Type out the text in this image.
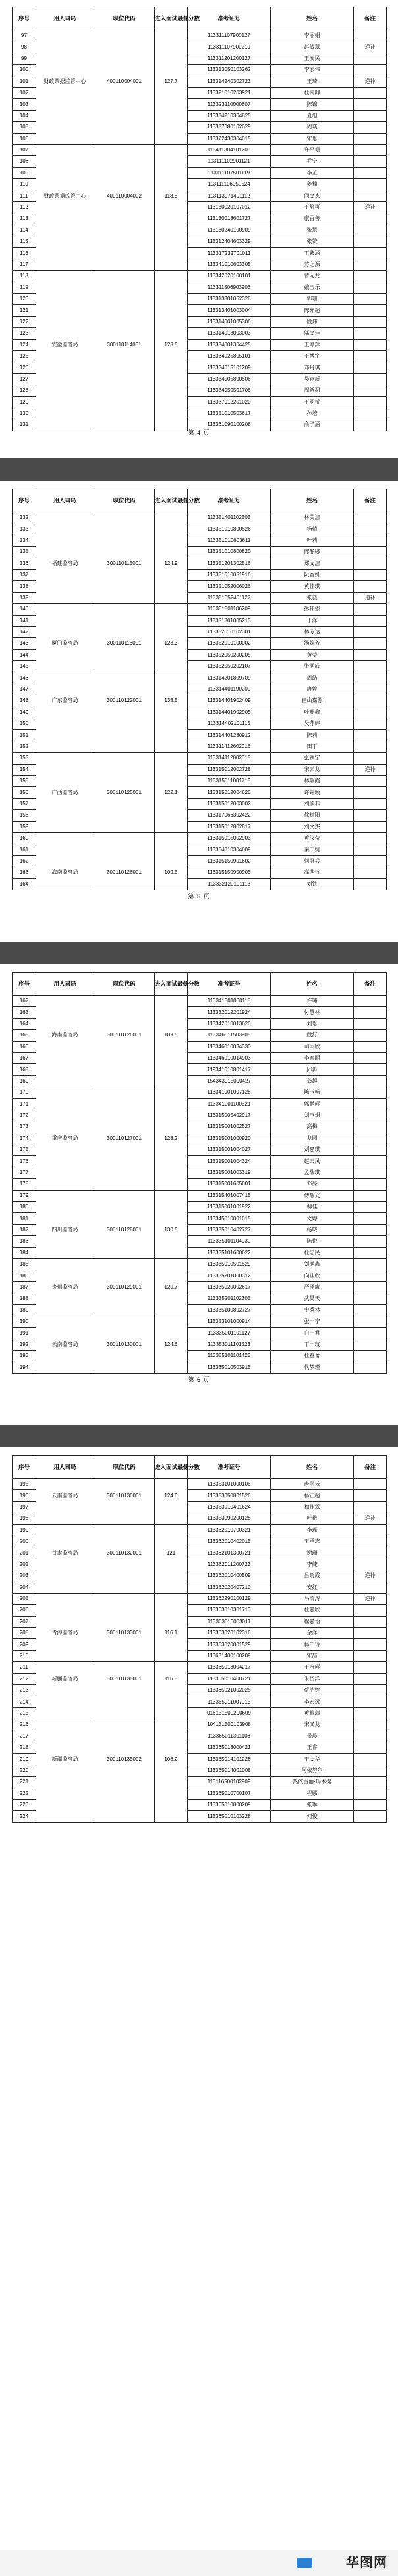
序号	用人司局	职位代码	进入面试最低分数	准考证号	姓名	备注
97				113311107900127	李丽娟	
98				113311107900219	赵敏慧	递补
99				113311201200127	王安民	
100				113313050103262	李宏伟	
101	财政票据监管中心	400110004001	127.7	113314240302723	王琦	递补
102				113321010203921	杜南卿	
103				113323110000807	陈锦	
104				113334210304825	夏旭	
105				113337080102029	周琰	
106				113372430304015	宋思	
107				113411304101203	许平珊	
108				113111102901121	乔宁	
109				113111107501119	李芷	
110				113111106050524	姜楠	
111	财政票据监管中心	400110004002	118.8	113113071401112	闫文杰	
112				113130020107012	王舒可	递补
113				113130018601727	康百善	
114				113130240100909	张慧	
115				113312404603329	张赞	
116				113317232701011	丁紫涵	
117				113341010603305	苏之源	
118				113342020100101	曹元龙	
119				113311506903903	戴宝乐	
120				113313301062328	郭珊	
121				113313401003004	陈亦超	
122				113314001005306	段炜	
123				113314013003003	邬文佳	
124	安徽监管局	300110114001	128.5	113334001304425	王谭萍	
125				113334025805101	王博宇	
126				113334015101209	邓丹琪	
127				113334005800506	吴嘉新	
128				113334050501708	周新羽	
129				113337012201020	王羽桥	
130				113351010503617	孙培	
131				113361090100208	俞子涵	
第 4 页
序号	用人司局	职位代码	进入面试最低分数	准考证号	姓名	备注
132				113351401102505	林美洁	
133				113351010800526	杨倩	
134				113351010603611	叶莉	
135				113351010800820	陈静娜	
136	福建监管局	300110115001	124.9	113351201302516	郑文洁	
137				113351010051916	阮香妍	
138				113351052006026	黄佳琪	
139				113351052401127	张毅	递补
140				113351501106209	彭伟强	
141				113351801005213	于洋	
142				113352010102301	林芳达	
143	厦门监管局	300110116001	123.3	113352010100002	汤婷芳	
144				113352050200205	黄莹	
145				113352050202107	张涵成	
146				113314201809709	周皓	
147				113314401190200	唐婷	
148	广东监管局	300110122001	138.5	113314401902409	崔山嘉源	
149				113314401902905	叶珊鑫	
150				113314402101115	吴萍婷	
151				113314401280912	陈莉	
152				113311412602016	田丁	
153				113314112002015	张铁宁	
154				113315012002728	宋云龙	递补
155				113315011001715	林瑞霞	
156	广西监管局	300110125001	122.1	113315012004620	许锦颖	
157				113315012003002	刘欣菲	
158				113317066302422	徐树阳	
159				113315012802817	刘文杰	
160				113315015002903	黄汉莹	
161				113364010304609	秦宁婕	
162				113315150901602	何冠兵	
163	海南监管局	300110126001	109.5	113315150900905	高茜竹	
164				113332120101113	刘铁	
第 5 页
序号	用人司局	职位代码	进入面试最低分数	准考证号	姓名	备注
162				113341301000118	许璐	
163				113332012201924	付慧林	
164				113342010013620	刘思	
165	海南监管局	300110126001	109.5	113346011503908	段舒	
166				113346010034330	司雨欣	
167				113346010014903	李春丽	
168				119341010801417	邱冉	
169				154343015000427	龚超	
170				113341001007128	陈玉畅	
171				113341001100321	郭鹏辉	
172				113315005402917	刘玉娟	
173				113315001002527	高梅	
174	重庆监管局	300110127001	128.2	113315001000920	龙圆	
175				113315001004027	刘嘉琪	
176				113315001004324	赵天风	
177				113315001003319	孟瑞琪	
178				113315001605601	邓亮	
179				113315401007415	傅瑞文	
180				113315001001922	柳佳	
181				113345010001015	文婷	
182	四川监管局	300110128001	130.5	113335010402727	杨晓	
183				113335101104030	陈悦	
184				113335101600622	杜忠民	
185				113335010501529	刘润鑫	
186				113335201000312	向佳欣	
187	贵州监管局	300110129001	120.7	113335020002617	严泽廉	
188				113335201102305	武昊天	
189				113335100802727	史秀林	
190				113353101000914	张一宁	
191				113335001101127	白一君	
192	云南监管局	300110130001	124.6	113353011101523	丁一玟	
193				113355101101423	杜春蕾	
194				113335010503915	代梦瑾	
第 6 页
序号	用人司局	职位代码	进入面试最低分数	准考证号	姓名	备注
195				113353101000105	唐雨云	
196	云南监管局	300110130001	124.6	113353050801526	杨正超	
197				113353010401624	和作霖	
198				113353090200128	叶艳	递补
199				113362010700321	李瑶	
200				113362010402015	王承志	
201	甘肃监管局	300110132001	121	113362101300721	谢珊	
202				113362011200723	李婕	
203				113362010400509	吕晓霞	递补
204				113362020407210	安红	
205				113362290100129	马清涛	递补
206				113363010301713	杜嘉欣	
207				113363010003011	程嘉怡	
208	青海监管局	300110133001	116.1	113363020102316	余洋	
209				113363020001529	杨广玲	
210				113631400100209	宋喆	
211				113365013004217	王永辉	
212	新疆监管局	300110135001	116.5	113365010400721	朱岱洋	
213				113365021002025	蔡浩婷	
214				113365011007015	李宏远	
215				016131500200609	黄振瑞	
216				104131500103908	宋又龙	
217				113365011301103	景晨	
218				113365013000421	王睿	
219	新疆监管局	300110135002	108.2	113365014101228	王文华	
220				113365014001008	阿依努尔	
221				113116500102909	热依古丽·玛木提	
222				113365010700107	程娜	
223				113365010800209	张琳	
224				113365010103228	何俊	
华图网
